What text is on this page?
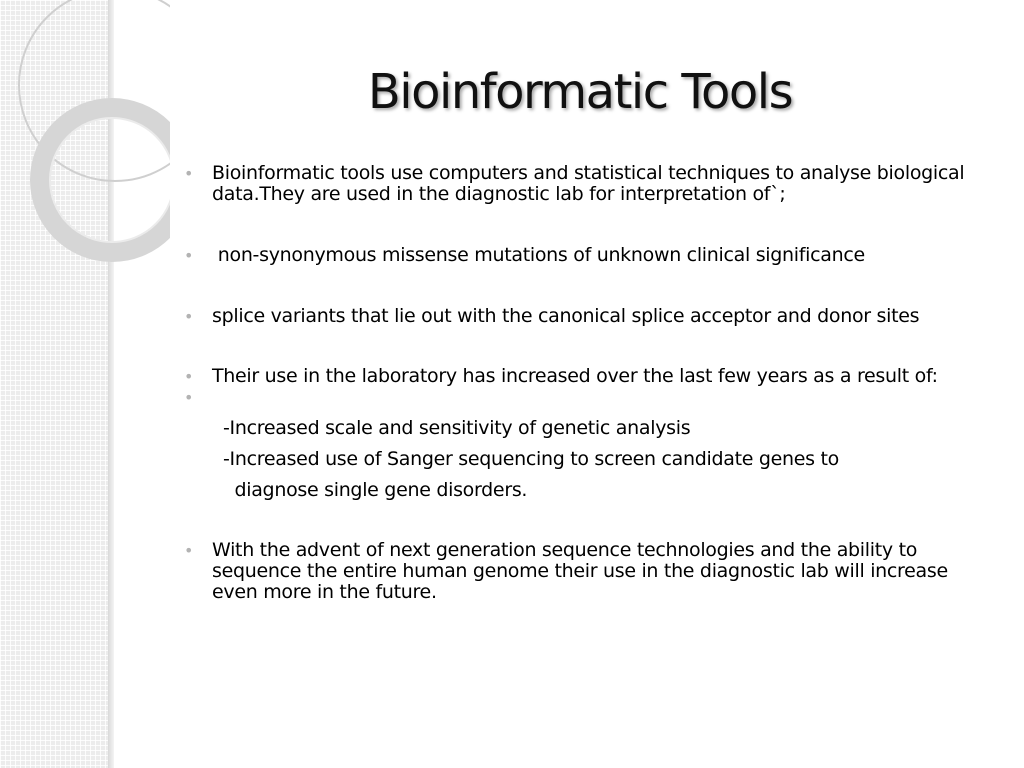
Bioinformatic Tools
• Bioinformatic tools use computers and statistical techniques to analyse biological data.They are used in the diagnostic lab for interpretation of`;
• non-synonymous missense mutations of unknown clinical significance
• splice variants that lie out with the canonical splice acceptor and donor sites
• Their use in the laboratory has increased over the last few years as a result of:
•
-Increased scale and sensitivity of genetic analysis
-Increased use of Sanger sequencing to screen candidate genes to
diagnose single gene disorders.
• With the advent of next generation sequence technologies and the ability to sequence the entire human genome their use in the diagnostic lab will increase even more in the future.
